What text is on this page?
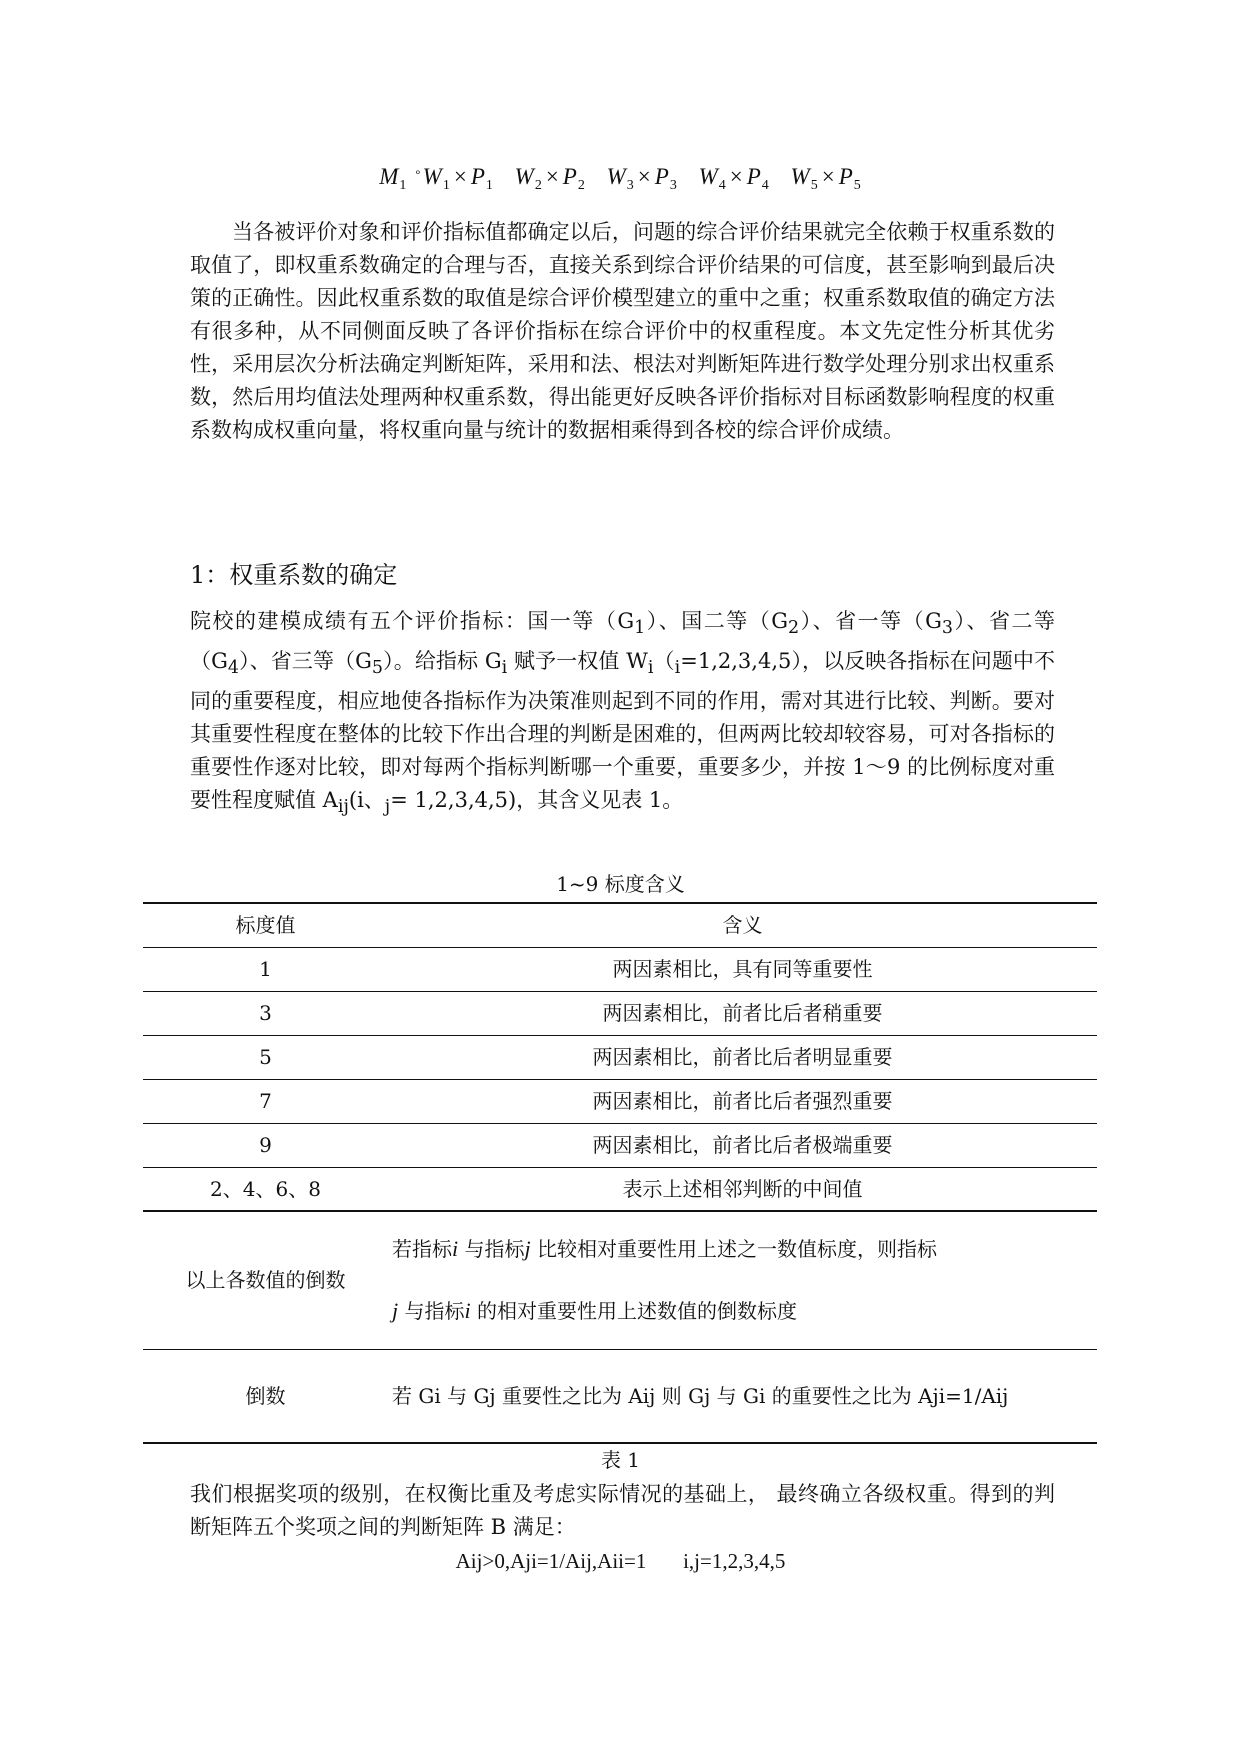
$M_1$ $^\circ W_1 \times P_1$ $W_2 \times P_2$ $W_3 \times P_3$ $W_4 \times P_4$ $W_5 \times P_5$

当各被评价对象和评价指标值都确定以后，问题的综合评价结果就完全依赖于权重系数的取值了，即权重系数确定的合理与否，直接关系到综合评价结果的可信度，甚至影响到最后决策的正确性。因此权重系数的取值是综合评价模型建立的重中之重；权重系数取值的确定方法有很多种，从不同侧面反映了各评价指标在综合评价中的权重程度。本文先定性分析其优劣性，采用层次分析法确定判断矩阵，采用和法、根法对判断矩阵进行数学处理分别求出权重系数，然后用均值法处理两种权重系数，得出能更好反映各评价指标对目标函数影响程度的权重系数构成权重向量，将权重向量与统计的数据相乘得到各校的综合评价成绩。

1：权重系数的确定

院校的建模成绩有五个评价指标：国一等$(G_1)$、国二等$(G_2)$、省一等$(G_3)$、省二等$(G_4)$、省三等$(G_5)$。给指标 $G_i$ 赋予一权值 $W_i(_i=1,2,3,4,5)$，以反映各指标在问题中不同的重要程度，相应地使各指标作为决策准则起到不同的作用，需对其进行比较、判断。要对其重要性程度在整体的比较下作出合理的判断是困难的，但两两比较却较容易，可对各指标的重要性作逐对比较，即对每两个指标判断哪一个重要，重要多少，并按 1～9 的比例标度对重要性程度赋值 $A_{ij}(i$、$_j$= 1,2,3,4,5)，其含义见表 1。

1~9 标度含义
标度值	含义
1	两因素相比，具有同等重要性
3	两因素相比，前者比后者稍重要
5	两因素相比，前者比后者明显重要
7	两因素相比，前者比后者强烈重要
9	两因素相比，前者比后者极端重要
2、4、6、8	表示上述相邻判断的中间值
以上各数值的倒数	若指标i 与指标j 比较相对重要性用上述之一数值标度，则指标
j 与指标i 的相对重要性用上述数值的倒数标度

倒数	若 Gi 与 Gj 重要性之比为 Aij 则 Gj 与 Gi 的重要性之比为 Aji=1/Aij
表 1

我们根据奖项的级别，在权衡比重及考虑实际情况的基础上， 最终确立各级权重。得到的判断矩阵五个奖项之间的判断矩阵 B 满足：

Aij>0,Aji=1/Aij,Aii=1       i,j=1,2,3,4,5
